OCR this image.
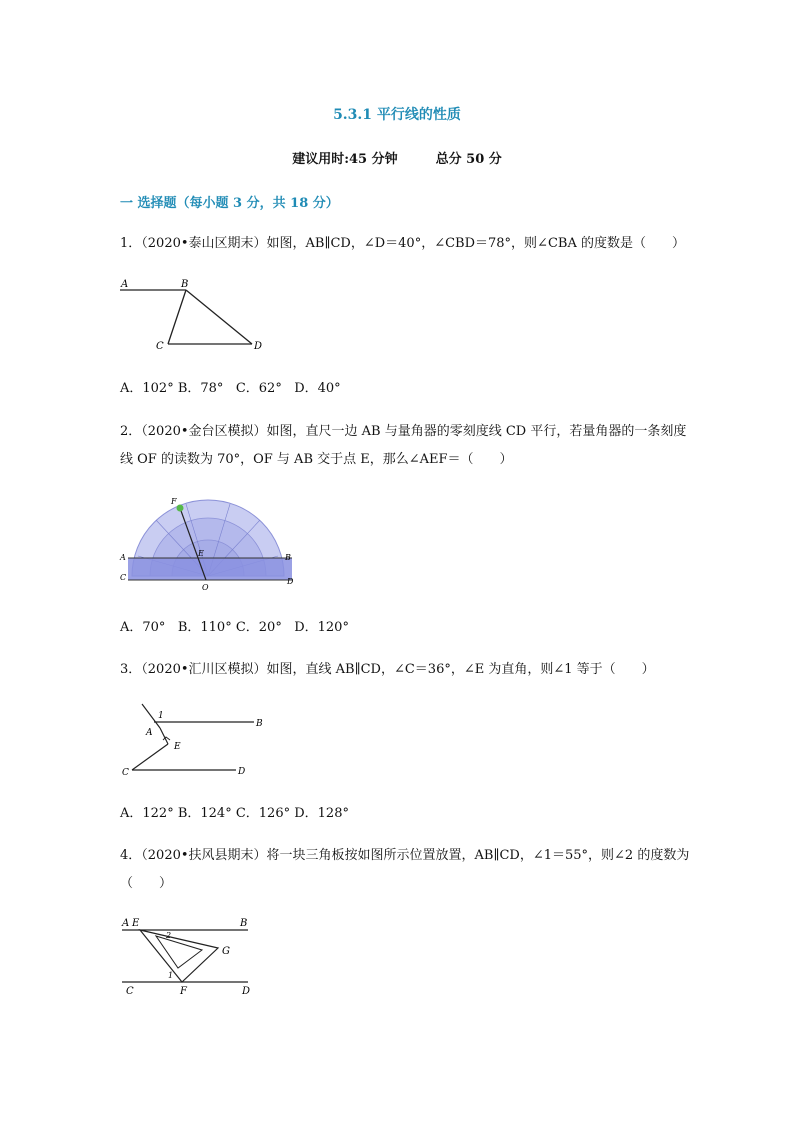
5.3.1 平行线的性质
建议用时:45 分钟	总分 50 分
一 选择题（每小题 3 分，共 18 分）
1．（2020•泰山区期末）如图，AB∥CD，∠D＝40°，∠CBD＝78°，则∠CBA 的度数是（　　）
A	B
C	D
A．102° B．78°   C．62°   D．40°
2．（2020•金台区模拟）如图，直尺一边 AB 与量角器的零刻度线 CD 平行，若量角器的一条刻度线 OF 的读数为 70°，OF 与 AB 交于点 E，那么∠AEF＝（　　）
A	B
C	D
E
F
O
A．70°   B．110° C．20°   D．120°
3．（2020•汇川区模拟）如图，直线 AB∥CD，∠C＝36°，∠E 为直角，则∠1 等于（　　）
1
A
B
E
C	D
A．122° B．124° C．126° D．128°
4．（2020•扶风县期末）将一块三角板按如图所示位置放置，AB∥CD，∠1＝55°，则∠2 的度数为（　　）
A E	B
G
2
1
C	F	D
